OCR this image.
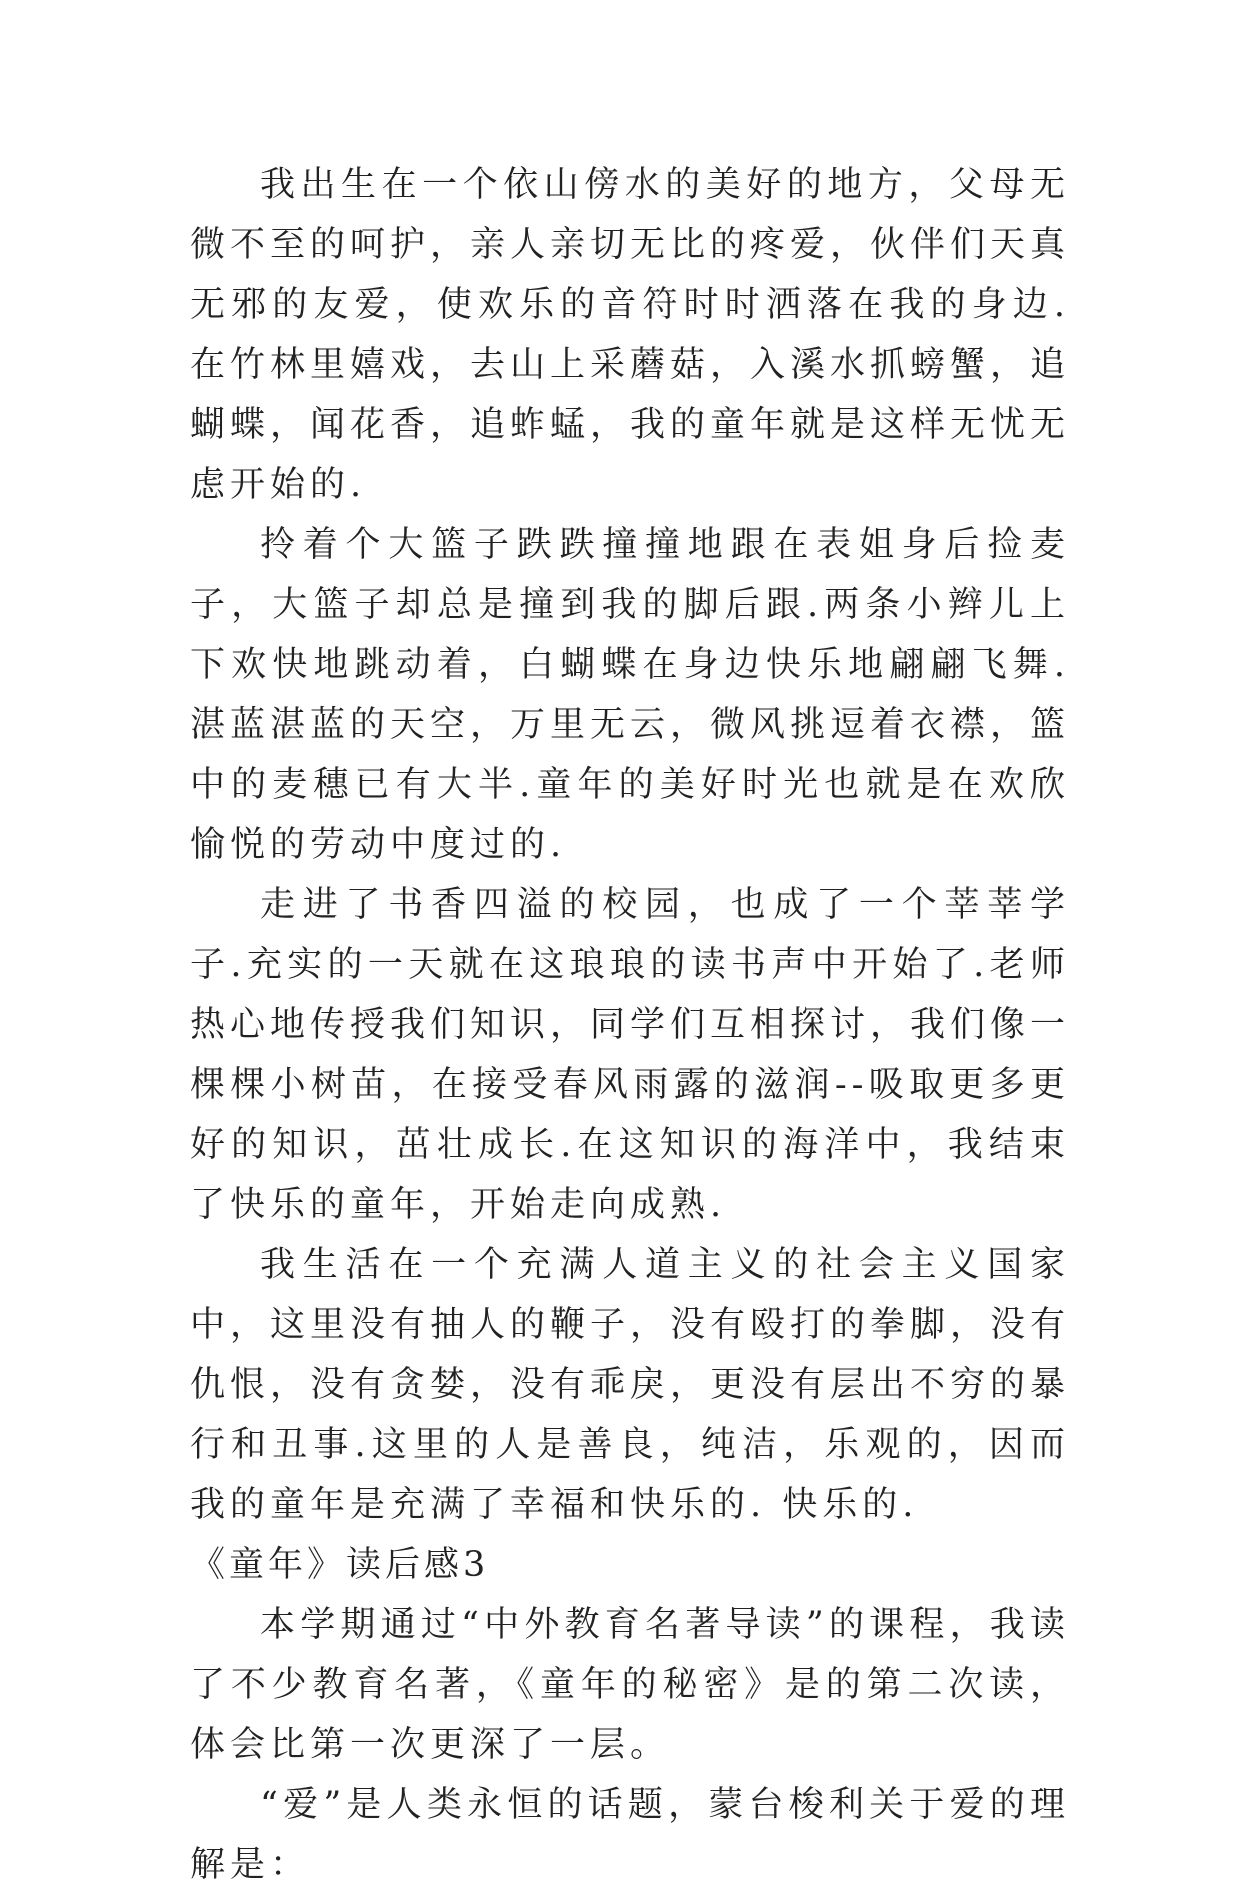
我出生在一个依山傍水的美好的地方，父母无微不至的呵护，亲人亲切无比的疼爱，伙伴们天真无邪的友爱，使欢乐的音符时时洒落在我的身边.在竹林里嬉戏，去山上采蘑菇，入溪水抓螃蟹，追蝴蝶，闻花香，追蚱蜢，我的童年就是这样无忧无虑开始的.

拎着个大篮子跌跌撞撞地跟在表姐身后捡麦子，大篮子却总是撞到我的脚后跟.两条小辫儿上下欢快地跳动着，白蝴蝶在身边快乐地翩翩飞舞.湛蓝湛蓝的天空，万里无云，微风挑逗着衣襟，篮中的麦穗已有大半.童年的美好时光也就是在欢欣愉悦的劳动中度过的.

走进了书香四溢的校园，也成了一个莘莘学子.充实的一天就在这琅琅的读书声中开始了.老师热心地传授我们知识，同学们互相探讨，我们像一棵棵小树苗，在接受春风雨露的滋润--吸取更多更好的知识，茁壮成长.在这知识的海洋中，我结束了快乐的童年，开始走向成熟.

我生活在一个充满人道主义的社会主义国家中，这里没有抽人的鞭子，没有殴打的拳脚，没有仇恨，没有贪婪，没有乖戾，更没有层出不穷的暴行和丑事.这里的人是善良，纯洁，乐观的，因而我的童年是充满了幸福和快乐的. 快乐的.

《童年》读后感3

本学期通过“中外教育名著导读”的课程，我读了不少教育名著，《童年的秘密》是的第二次读，体会比第一次更深了一层。

“爱”是人类永恒的话题，蒙台梭利关于爱的理解是：
